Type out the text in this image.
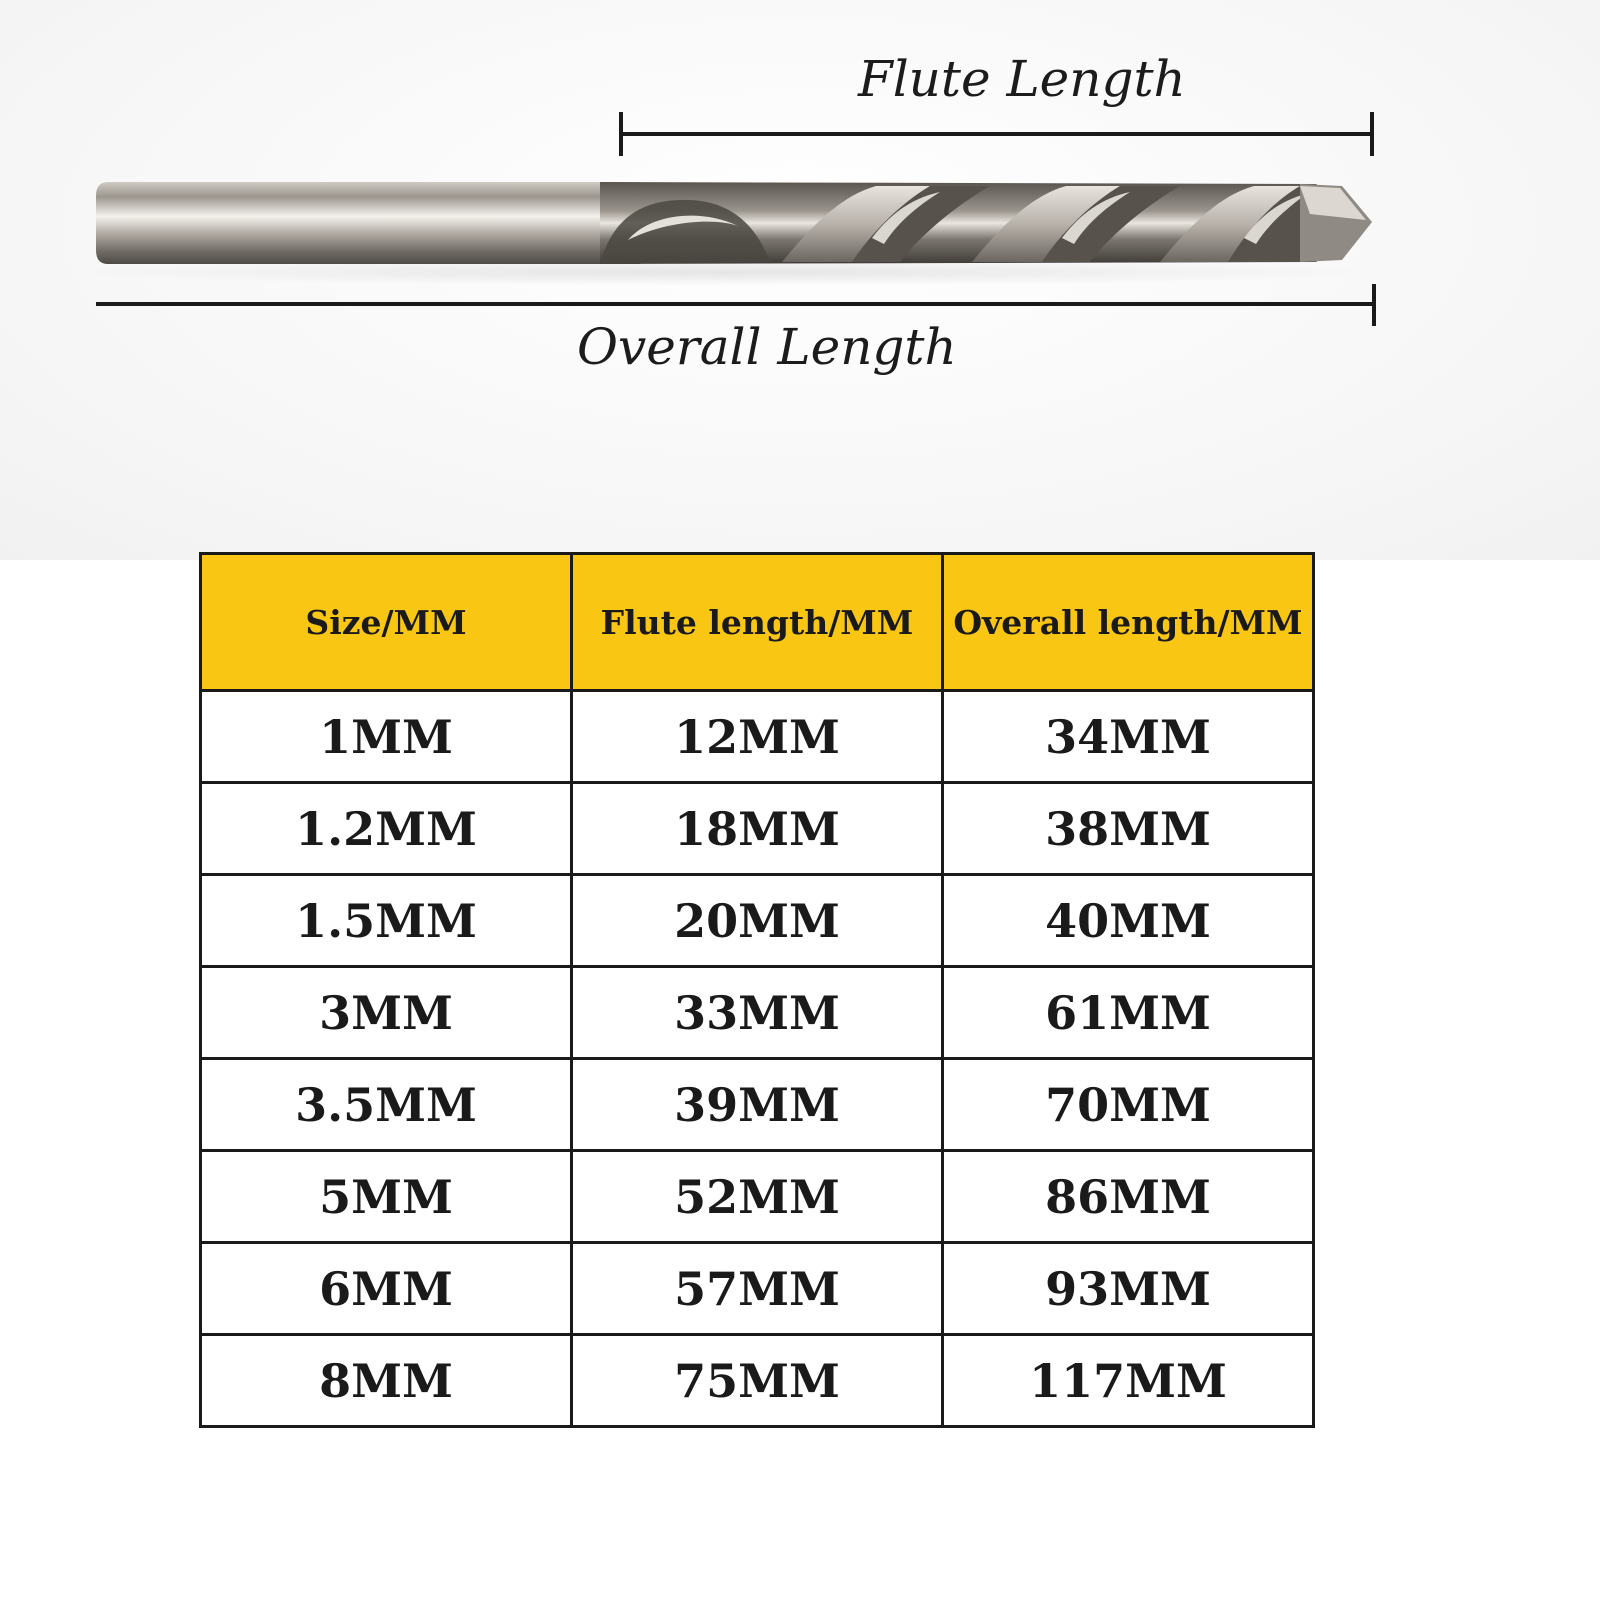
Flute Length
Overall Length
Size/MM	Flute length/MM	Overall length/MM
1MM	12MM	34MM
1.2MM	18MM	38MM
1.5MM	20MM	40MM
3MM	33MM	61MM
3.5MM	39MM	70MM
5MM	52MM	86MM
6MM	57MM	93MM
8MM	75MM	117MM
